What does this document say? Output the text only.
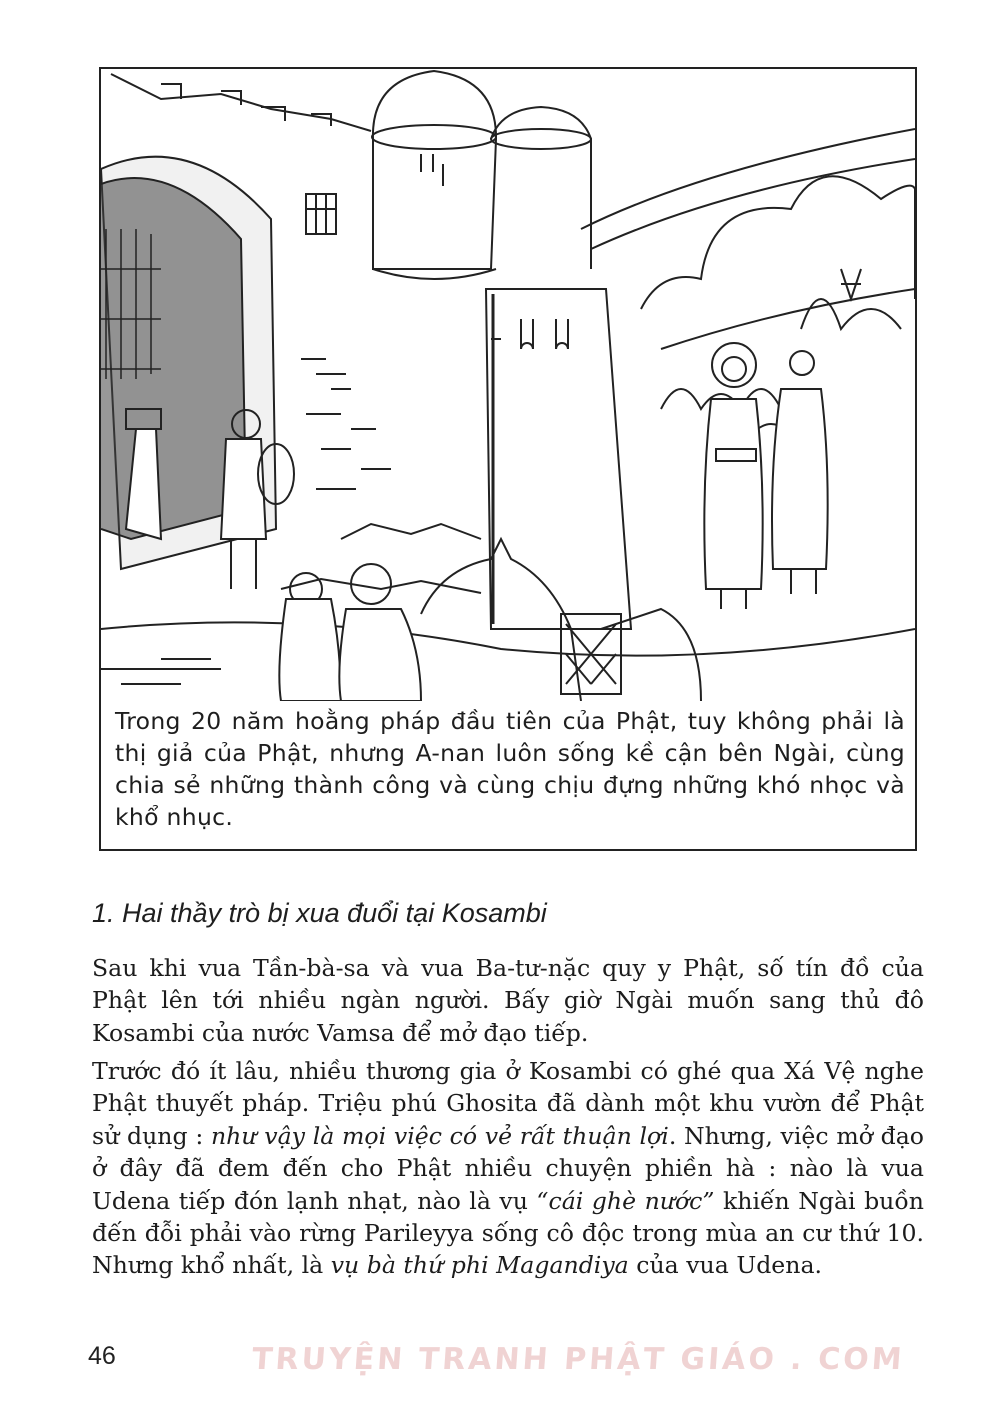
Trong 20 năm hoằng pháp đầu tiên của Phật, tuy không phải là thị giả của Phật, nhưng A-nan luôn sống kề cận bên Ngài, cùng chia sẻ những thành công và cùng chịu đựng những khó nhọc và khổ nhục.
1. Hai thầy trò bị xua đuổi tại Kosambi
Sau khi vua Tần-bà-sa và vua Ba-tư-nặc quy y Phật, số tín đồ của Phật lên tới nhiều ngàn người. Bấy giờ Ngài muốn sang thủ đô Kosambi của nước Vamsa để mở đạo tiếp.
Trước đó ít lâu, nhiều thương gia ở Kosambi có ghé qua Xá Vệ nghe Phật thuyết pháp. Triệu phú Ghosita đã dành một khu vườn để Phật sử dụng : như vậy là mọi việc có vẻ rất thuận lợi. Nhưng, việc mở đạo ở đây đã đem đến cho Phật nhiều chuyện phiền hà : nào là vua Udena tiếp đón lạnh nhạt, nào là vụ “cái ghè nước” khiến Ngài buồn đến đỗi phải vào rừng Parileyya sống cô độc trong mùa an cư thứ 10. Nhưng khổ nhất, là vụ bà thứ phi Magandiya của vua Udena.
46	TRUYỆN TRANH PHẬT GIÁO . COM
